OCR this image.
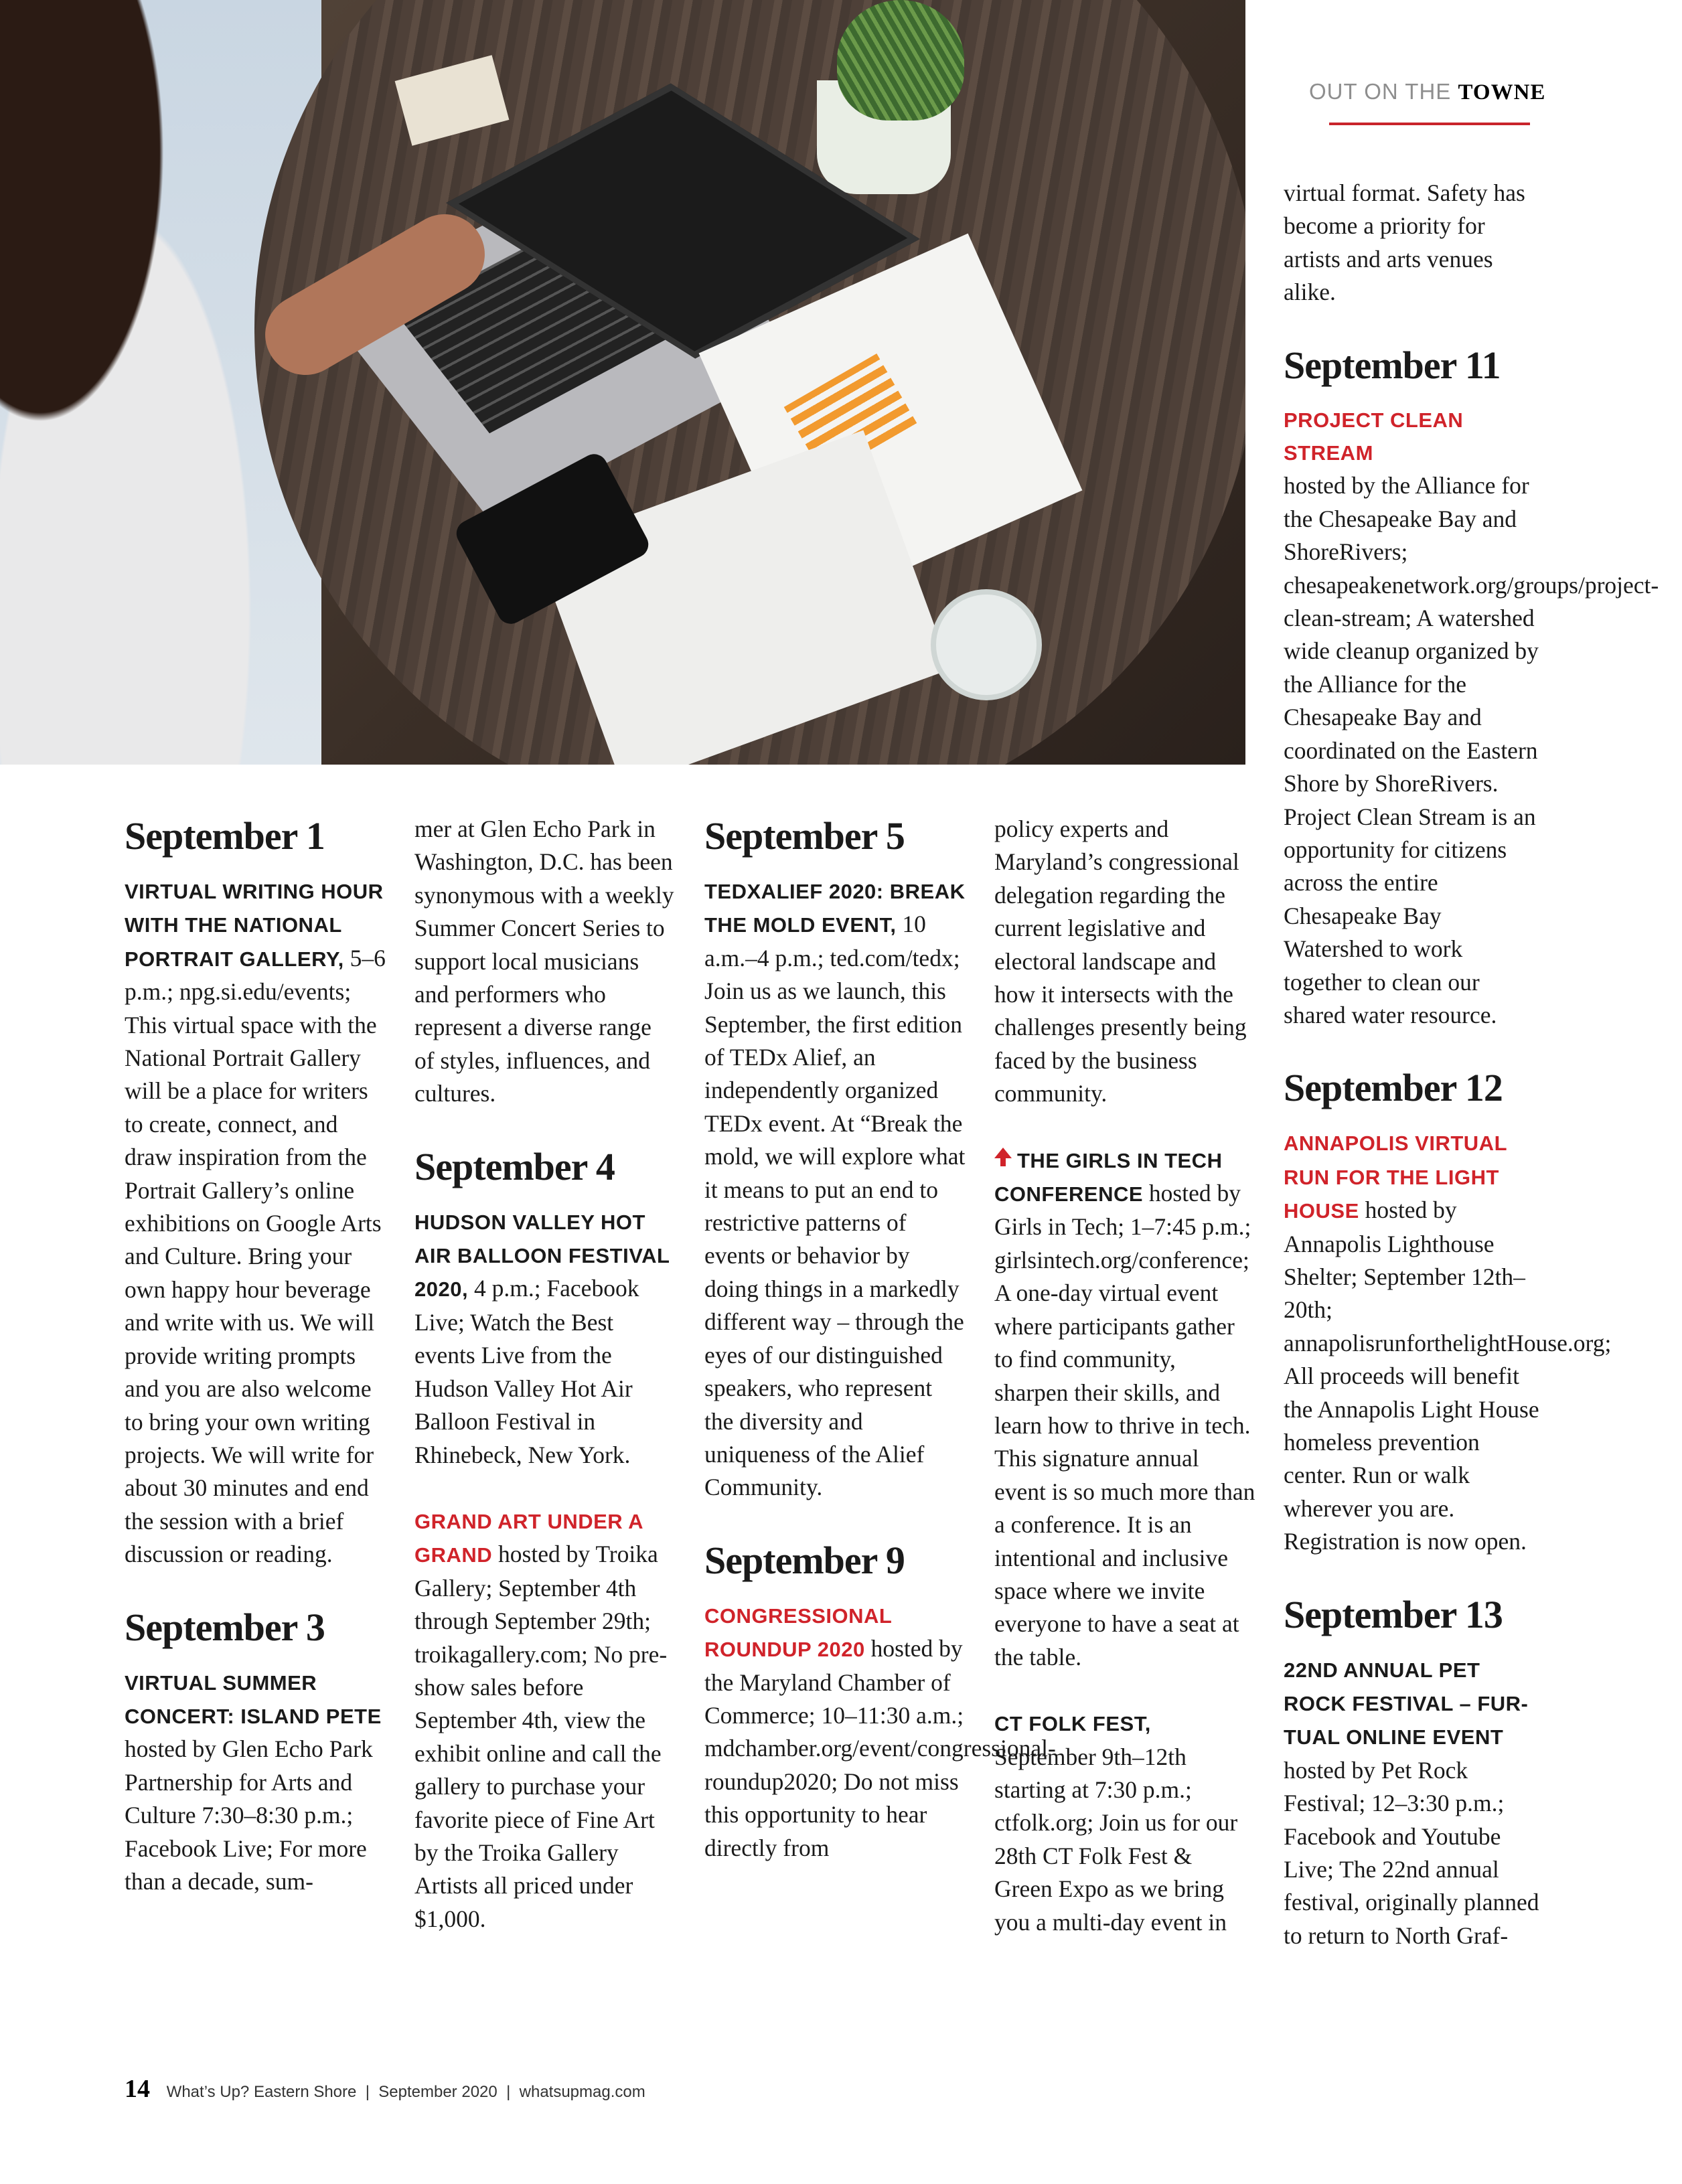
OUT ON THE TOWNE
September 1
VIRTUAL WRITING HOUR WITH THE NATIONAL PORTRAIT GALLERY, 5–6 p.m.; npg.si.edu/events; This virtual space with the National Portrait Gallery will be a place for writers to create, connect, and draw inspiration from the Portrait Gallery’s online exhibitions on Google Arts and Culture. Bring your own happy hour beverage and write with us. We will provide writing prompts and you are also welcome to bring your own writing projects. We will write for about 30 minutes and end the session with a brief discussion or reading.
September 3
VIRTUAL SUMMER CONCERT: ISLAND PETE hosted by Glen Echo Park Partnership for Arts and Culture 7:30–8:30 p.m.; Facebook Live; For more than a decade, sum-
mer at Glen Echo Park in Washington, D.C. has been synonymous with a weekly Summer Concert Series to support local musicians and performers who represent a diverse range of styles, influences, and cultures.
September 4
HUDSON VALLEY HOT AIR BALLOON FESTIVAL 2020, 4 p.m.; Facebook Live; Watch the Best events Live from the Hudson Valley Hot Air Balloon Festival in Rhinebeck, New York.
GRAND ART UNDER A GRAND hosted by Troika Gallery; September 4th through September 29th; troikagallery.com; No pre-show sales before September 4th, view the exhibit online and call the gallery to purchase your favorite piece of Fine Art by the Troika Gallery Artists all priced under $1,000.
September 5
TEDXALIEF 2020: BREAK THE MOLD EVENT, 10 a.m.–4 p.m.; ted.com/tedx; Join us as we launch, this September, the first edition of TEDx Alief, an independently organized TEDx event. At “Break the mold, we will explore what it means to put an end to restrictive patterns of events or behavior by doing things in a markedly different way – through the eyes of our distinguished speakers, who represent the diversity and uniqueness of the Alief Community.
September 9
CONGRESSIONAL ROUNDUP 2020 hosted by the Maryland Chamber of Commerce; 10–11:30 a.m.; mdchamber.org/event/congressional-roundup2020; Do not miss this opportunity to hear directly from
policy experts and Maryland’s congressional delegation regarding the current legislative and electoral landscape and how it intersects with the challenges presently being faced by the business community.
THE GIRLS IN TECH CONFERENCE hosted by Girls in Tech; 1–7:45 p.m.; girlsintech.org/conference; A one-day virtual event where participants gather to find community, sharpen their skills, and learn how to thrive in tech. This signature annual event is so much more than a conference. It is an intentional and inclusive space where we invite everyone to have a seat at the table.
CT FOLK FEST, September 9th–12th starting at 7:30 p.m.; ctfolk.org; Join us for our 28th CT Folk Fest & Green Expo as we bring you a multi-day event in
virtual format. Safety has become a priority for artists and arts venues alike.
September 11
PROJECT CLEAN STREAM
hosted by the Alliance for the Chesapeake Bay and ShoreRivers; chesapeakenetwork.org/groups/project-clean-stream; A watershed wide cleanup organized by the Alliance for the Chesapeake Bay and coordinated on the Eastern Shore by ShoreRivers. Project Clean Stream is an opportunity for citizens across the entire Chesapeake Bay Watershed to work together to clean our shared water resource.
September 12
ANNAPOLIS VIRTUAL RUN FOR THE LIGHT HOUSE hosted by Annapolis Lighthouse Shelter; September 12th–20th; annapolisrunforthelightHouse.org; All proceeds will benefit the Annapolis Light House homeless prevention center. Run or walk wherever you are. Registration is now open.
September 13
22ND ANNUAL PET ROCK FESTIVAL – FUR-TUAL ONLINE EVENT hosted by Pet Rock Festival; 12–3:30 p.m.; Facebook and Youtube Live; The 22nd annual festival, originally planned to return to North Graf-
14 What’s Up? Eastern Shore  |  September 2020  |  whatsupmag.com
